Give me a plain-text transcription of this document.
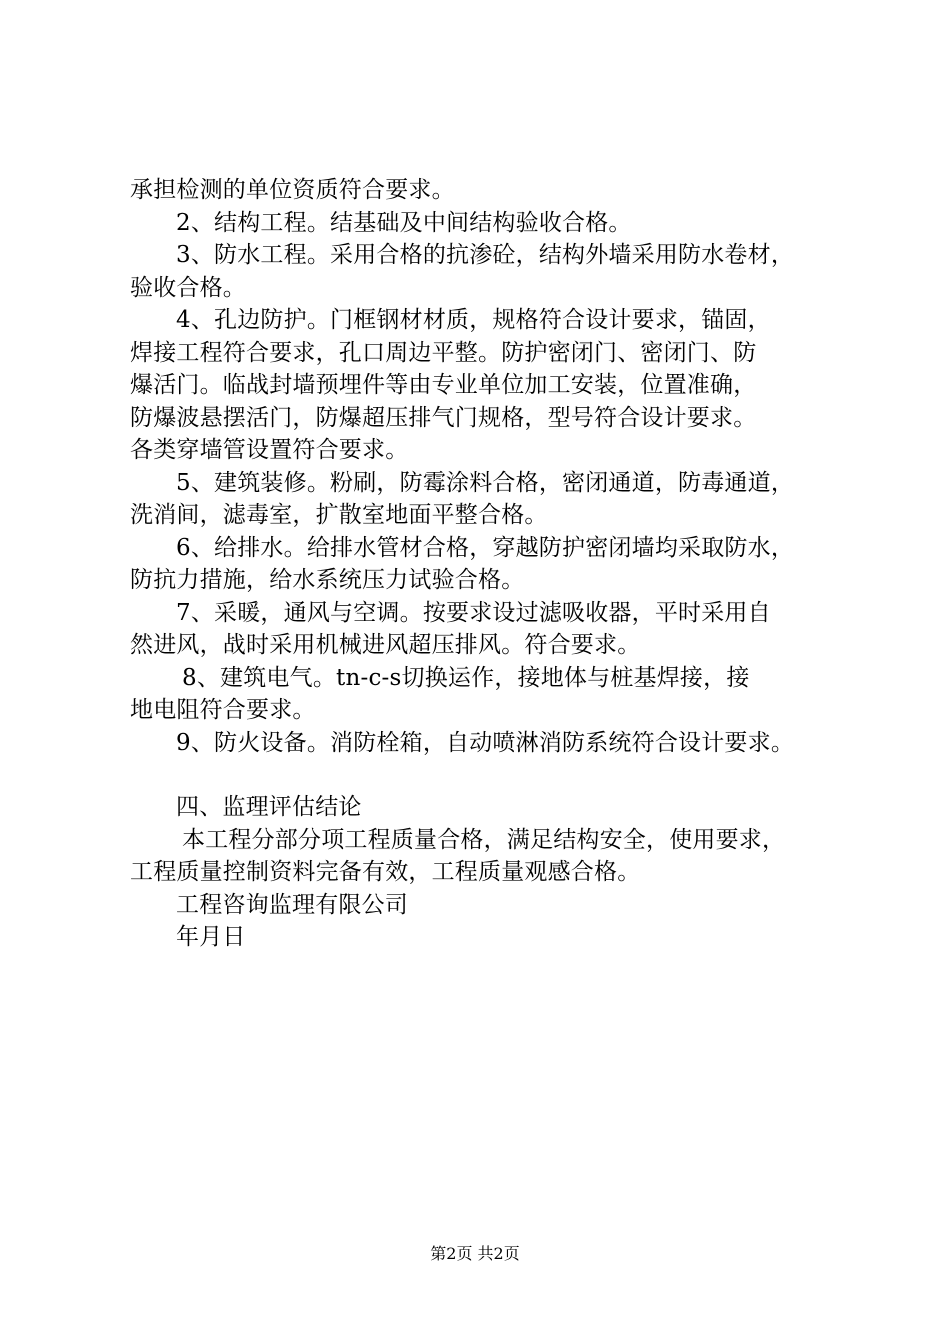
承担检测的单位资质符合要求。
2、结构工程。结基础及中间结构验收合格。
3、防水工程。采用合格的抗渗砼，结构外墙采用防水卷材，
验收合格。
4、孔边防护。门框钢材材质，规格符合设计要求，锚固，
焊接工程符合要求，孔口周边平整。防护密闭门、密闭门、防
爆活门。临战封墙预埋件等由专业单位加工安装，位置准确，
防爆波悬摆活门，防爆超压排气门规格，型号符合设计要求。
各类穿墙管设置符合要求。
5、建筑装修。粉刷，防霉涂料合格，密闭通道，防毒通道，
洗消间，滤毒室，扩散室地面平整合格。
6、给排水。给排水管材合格，穿越防护密闭墙均采取防水，
防抗力措施，给水系统压力试验合格。
7、采暖，通风与空调。按要求设过滤吸收器，平时采用自
然进风，战时采用机械进风超压排风。符合要求。
8、建筑电气。tn-c-s切换运作，接地体与桩基焊接，接
地电阻符合要求。
9、防火设备。消防栓箱，自动喷淋消防系统符合设计要求。
四、监理评估结论
本工程分部分项工程质量合格，满足结构安全，使用要求，
工程质量控制资料完备有效，工程质量观感合格。
工程咨询监理有限公司
年月日
第2页 共2页
